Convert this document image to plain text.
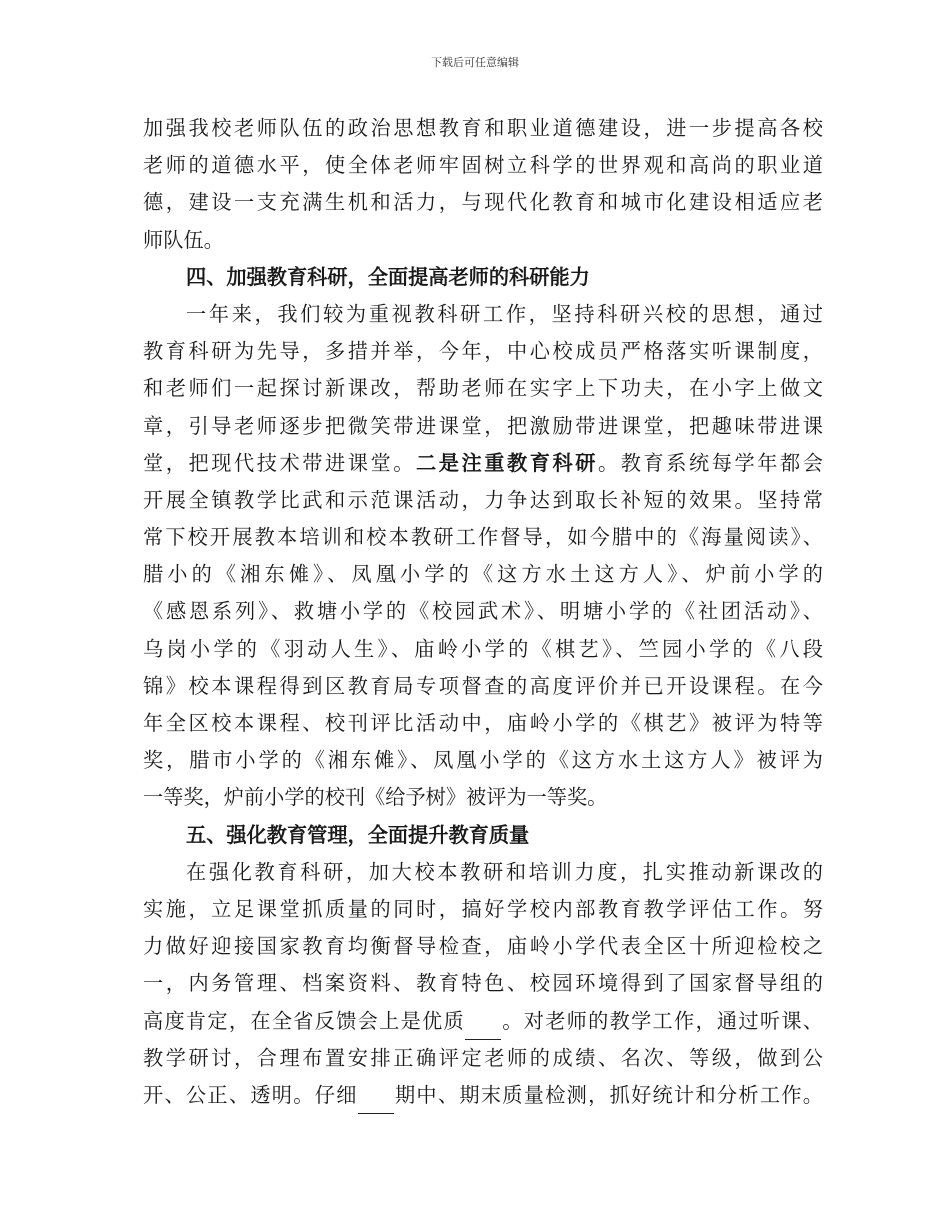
下载后可任意编辑
加强我校老师队伍的政治思想教育和职业道德建设，进一步提高各校
老师的道德水平，使全体老师牢固树立科学的世界观和高尚的职业道
德，建设一支充满生机和活力，与现代化教育和城市化建设相适应老
师队伍。
四、加强教育科研，全面提高老师的科研能力
一年来，我们较为重视教科研工作，坚持科研兴校的思想，通过
教育科研为先导，多措并举，今年，中心校成员严格落实听课制度，
和老师们一起探讨新课改，帮助老师在实字上下功夫，在小字上做文
章，引导老师逐步把微笑带进课堂，把激励带进课堂，把趣味带进课
堂，把现代技术带进课堂。二是注重教育科研。教育系统每学年都会
开展全镇教学比武和示范课活动，力争达到取长补短的效果。坚持常
常下校开展教本培训和校本教研工作督导，如今腊中的《海量阅读》、
腊小的《湘东傩》、凤凰小学的《这方水土这方人》、炉前小学的
《感恩系列》、救塘小学的《校园武术》、明塘小学的《社团活动》、
乌岗小学的《羽动人生》、庙岭小学的《棋艺》、竺园小学的《八段
锦》校本课程得到区教育局专项督查的高度评价并已开设课程。在今
年全区校本课程、校刊评比活动中，庙岭小学的《棋艺》被评为特等
奖，腊市小学的《湘东傩》、凤凰小学的《这方水土这方人》被评为
一等奖，炉前小学的校刊《给予树》被评为一等奖。
五、强化教育管理，全面提升教育质量
在强化教育科研，加大校本教研和培训力度，扎实推动新课改的
实施，立足课堂抓质量的同时，搞好学校内部教育教学评估工作。努
力做好迎接国家教育均衡督导检查，庙岭小学代表全区十所迎检校之
一，内务管理、档案资料、教育特色、校园环境得到了国家督导组的
高度肯定，在全省反馈会上是优质 。对老师的教学工作，通过听课、
教学研讨，合理布置安排正确评定老师的成绩、名次、等级，做到公
开、公正、透明。仔细 期中、期末质量检测，抓好统计和分析工作。
